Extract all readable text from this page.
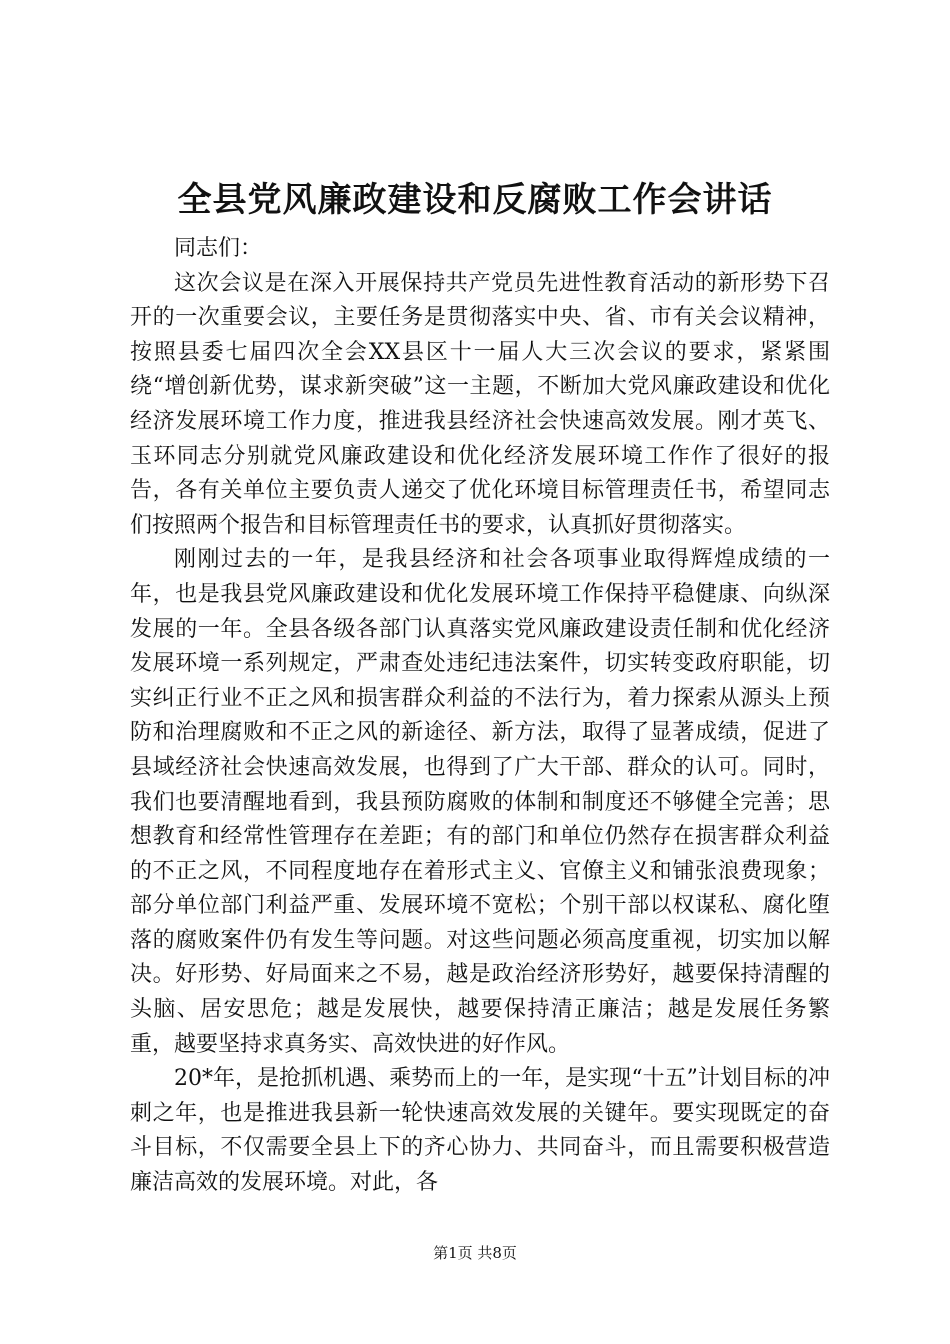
全县党风廉政建设和反腐败工作会讲话

同志们：

这次会议是在深入开展保持共产党员先进性教育活动的新形势下召开的一次重要会议，主要任务是贯彻落实中央、省、市有关会议精神，按照县委七届四次全会XX县区十一届人大三次会议的要求，紧紧围绕“增创新优势，谋求新突破”这一主题，不断加大党风廉政建设和优化经济发展环境工作力度，推进我县经济社会快速高效发展。刚才英飞、玉环同志分别就党风廉政建设和优化经济发展环境工作作了很好的报告，各有关单位主要负责人递交了优化环境目标管理责任书，希望同志们按照两个报告和目标管理责任书的要求，认真抓好贯彻落实。

刚刚过去的一年，是我县经济和社会各项事业取得辉煌成绩的一年，也是我县党风廉政建设和优化发展环境工作保持平稳健康、向纵深发展的一年。全县各级各部门认真落实党风廉政建设责任制和优化经济发展环境一系列规定，严肃查处违纪违法案件，切实转变政府职能，切实纠正行业不正之风和损害群众利益的不法行为，着力探索从源头上预防和治理腐败和不正之风的新途径、新方法，取得了显著成绩，促进了县域经济社会快速高效发展，也得到了广大干部、群众的认可。同时，我们也要清醒地看到，我县预防腐败的体制和制度还不够健全完善；思想教育和经常性管理存在差距；有的部门和单位仍然存在损害群众利益的不正之风，不同程度地存在着形式主义、官僚主义和铺张浪费现象；部分单位部门利益严重、发展环境不宽松；个别干部以权谋私、腐化堕落的腐败案件仍有发生等问题。对这些问题必须高度重视，切实加以解决。好形势、好局面来之不易，越是政治经济形势好，越要保持清醒的头脑、居安思危；越是发展快，越要保持清正廉洁；越是发展任务繁重，越要坚持求真务实、高效快进的好作风。

20*年，是抢抓机遇、乘势而上的一年，是实现“十五”计划目标的冲刺之年，也是推进我县新一轮快速高效发展的关键年。要实现既定的奋斗目标，不仅需要全县上下的齐心协力、共同奋斗，而且需要积极营造廉洁高效的发展环境。对此，各

第1页 共8页
